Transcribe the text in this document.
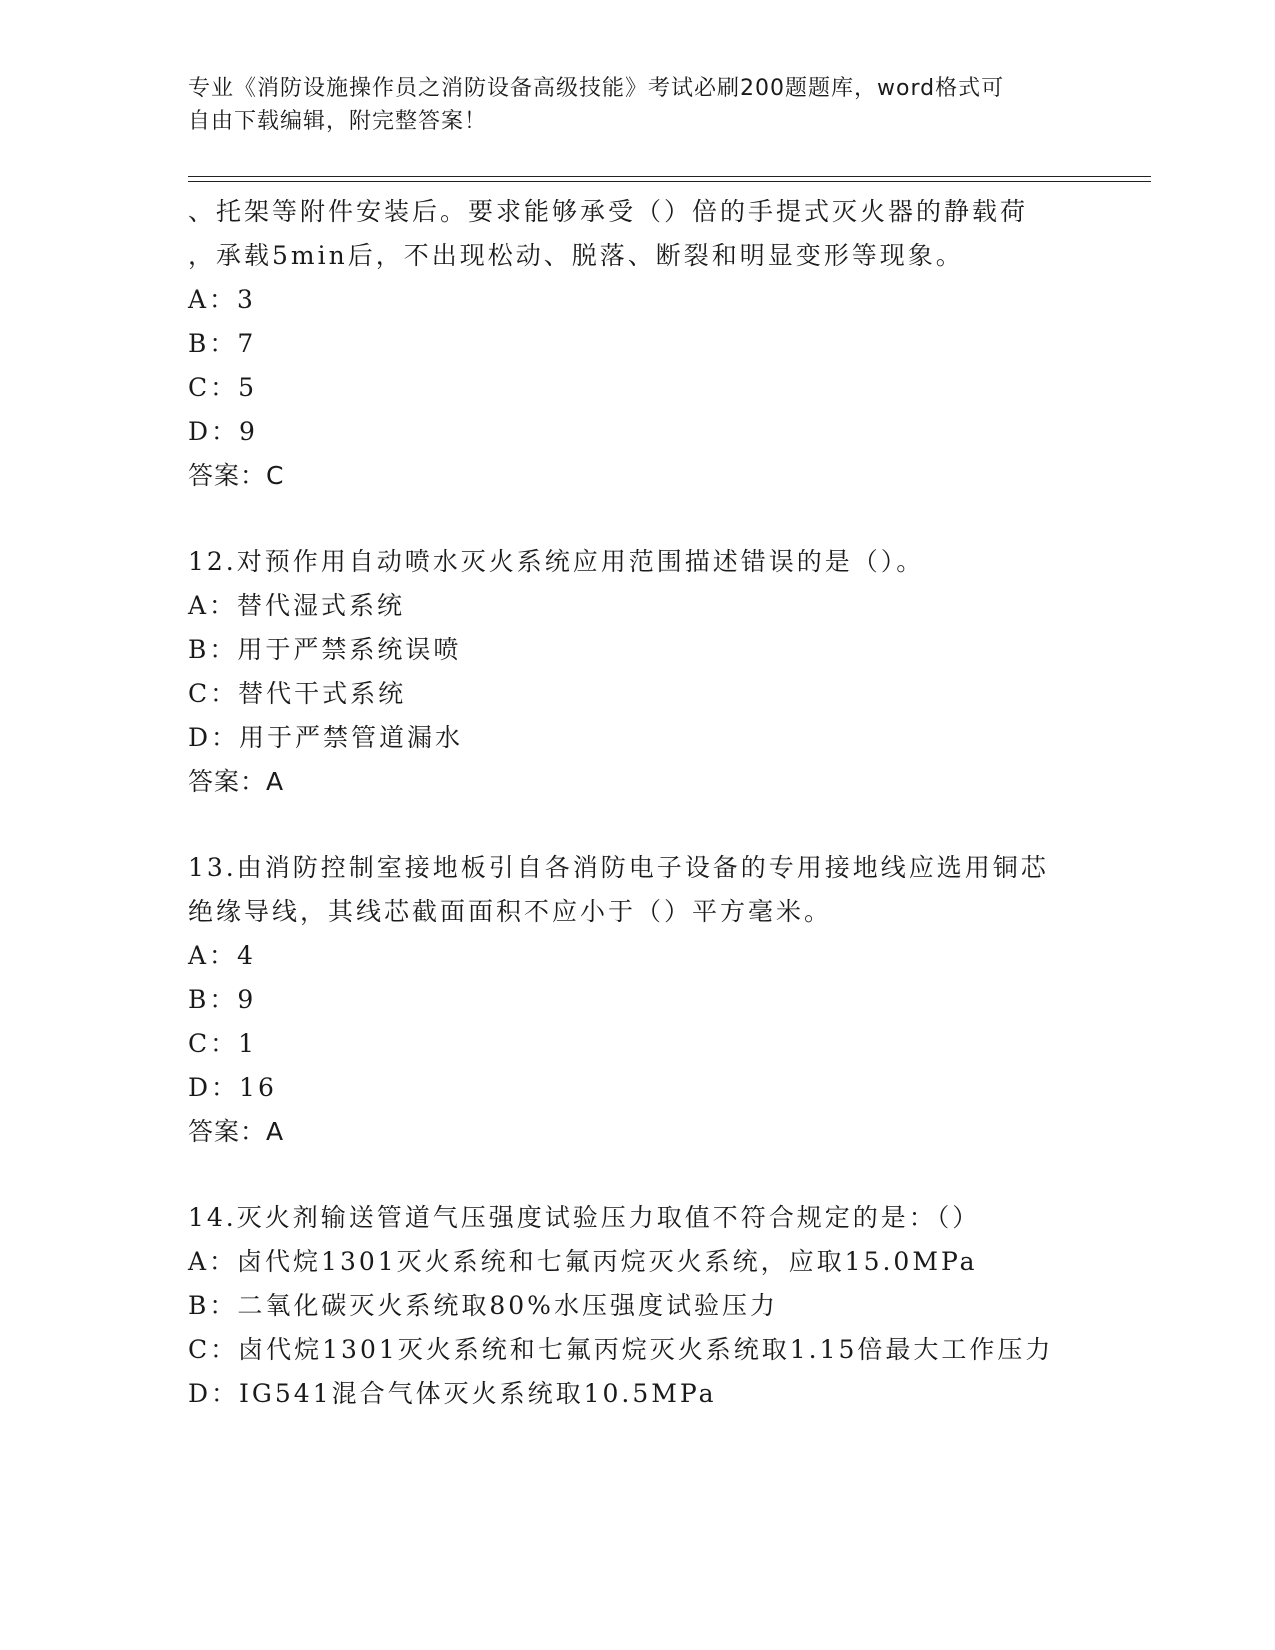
专业《消防设施操作员之消防设备高级技能》考试必刷200题题库，word格式可
自由下载编辑，附完整答案！
、托架等附件安装后。要求能够承受（）倍的手提式灭火器的静载荷
，承载5min后，不出现松动、脱落、断裂和明显变形等现象。
A：3
B：7
C：5
D：9
答案：C
12.对预作用自动喷水灭火系统应用范围描述错误的是（）。
A：替代湿式系统
B：用于严禁系统误喷
C：替代干式系统
D：用于严禁管道漏水
答案：A
13.由消防控制室接地板引自各消防电子设备的专用接地线应选用铜芯
绝缘导线，其线芯截面面积不应小于（）平方毫米。
A：4
B：9
C：1
D：16
答案：A
14.灭火剂输送管道气压强度试验压力取值不符合规定的是：（）
A：卤代烷1301灭火系统和七氟丙烷灭火系统，应取15.0MPa
B：二氧化碳灭火系统取80%水压强度试验压力
C：卤代烷1301灭火系统和七氟丙烷灭火系统取1.15倍最大工作压力
D：IG541混合气体灭火系统取10.5MPa
